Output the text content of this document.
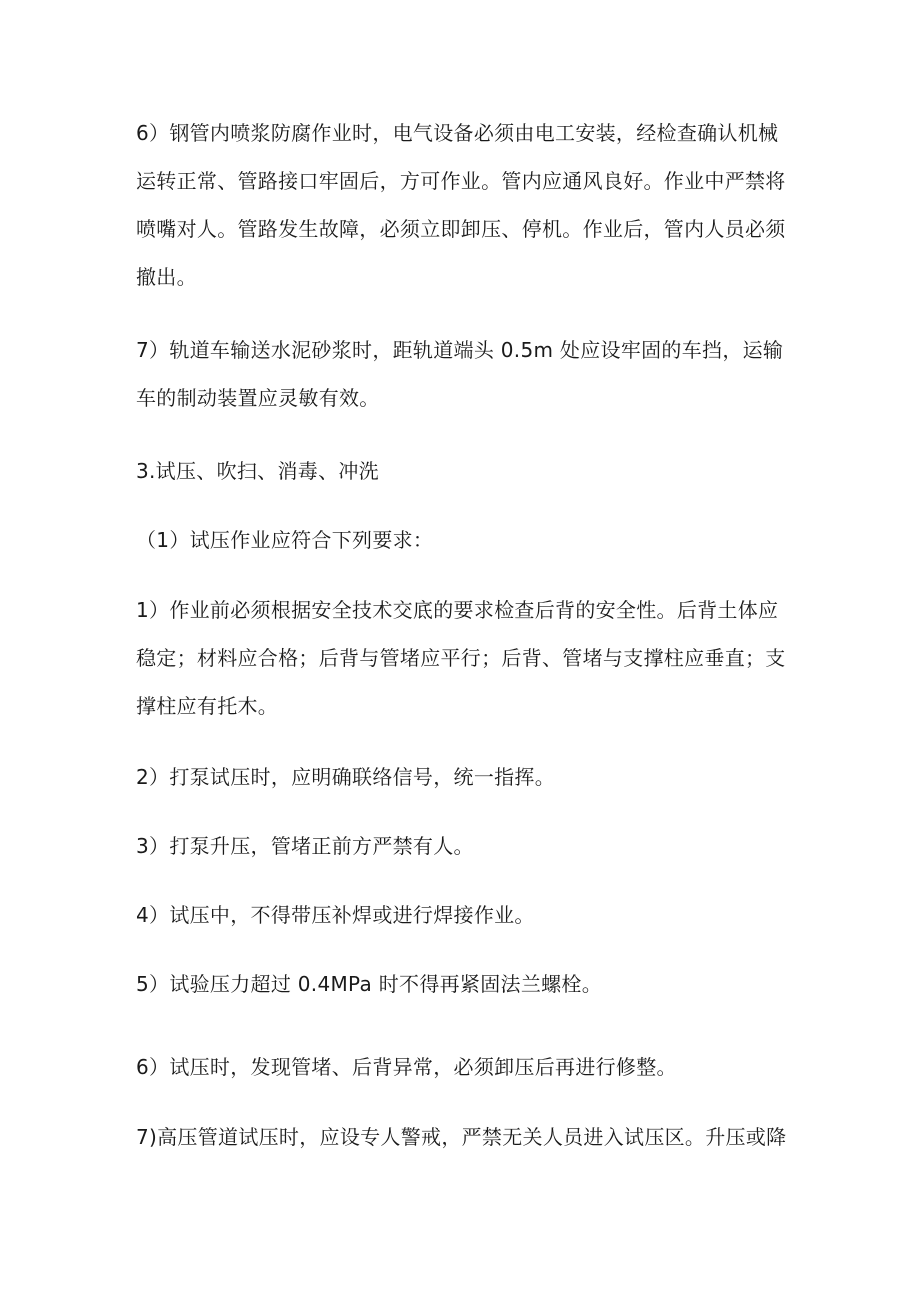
6）钢管内喷浆防腐作业时，电气设备必须由电工安装，经检查确认机械运转正常、管路接口牢固后，方可作业。管内应通风良好。作业中严禁将喷嘴对人。管路发生故障，必须立即卸压、停机。作业后，管内人员必须撤出。

7）轨道车输送水泥砂浆时，距轨道端头 0.5m 处应设牢固的车挡，运输车的制动装置应灵敏有效。

3.试压、吹扫、消毒、冲洗

（1）试压作业应符合下列要求：

1）作业前必须根据安全技术交底的要求检查后背的安全性。后背土体应稳定；材料应合格；后背与管堵应平行；后背、管堵与支撑柱应垂直；支撑柱应有托木。

2）打泵试压时，应明确联络信号，统一指挥。

3）打泵升压，管堵正前方严禁有人。

4）试压中，不得带压补焊或进行焊接作业。

5）试验压力超过 0.4MPa 时不得再紧固法兰螺栓。

6）试压时，发现管堵、后背异常，必须卸压后再进行修整。

7)高压管道试压时，应设专人警戒，严禁无关人员进入试压区。升压或降
